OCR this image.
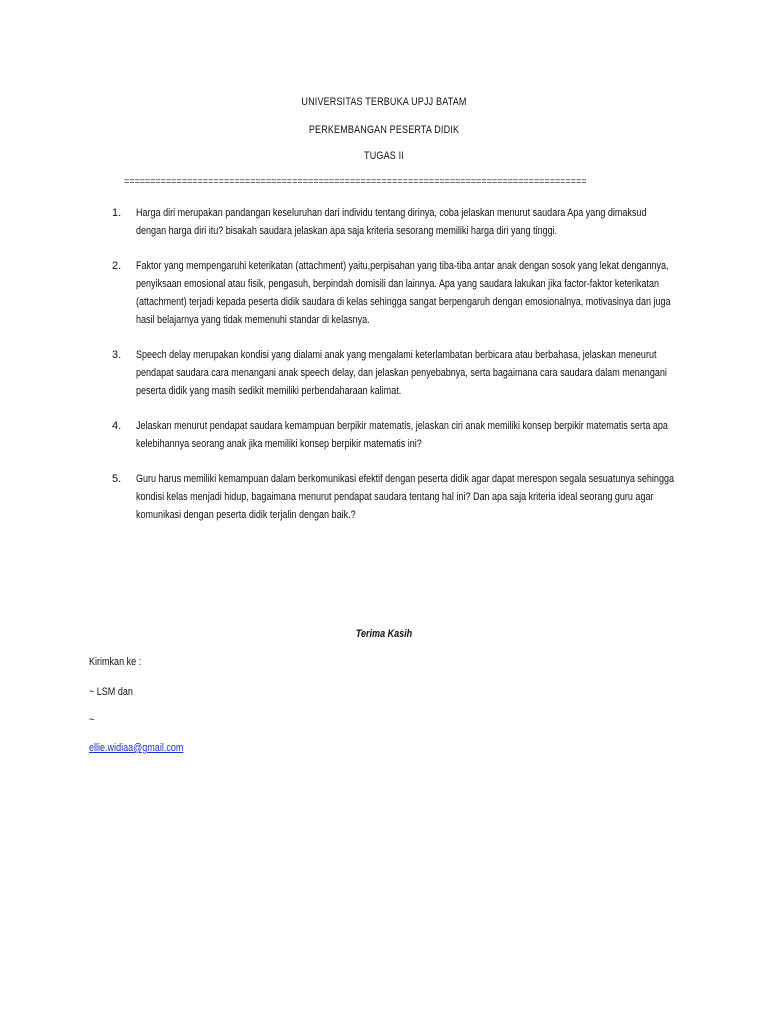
UNIVERSITAS TERBUKA UPJJ BATAM
PERKEMBANGAN PESERTA DIDIK
TUGAS II
========================================================================================
1. Harga diri merupakan pandangan keseluruhan dari individu tentang dirinya, coba jelaskan menurut saudara Apa yang dimaksud dengan harga diri itu? bisakah saudara jelaskan apa saja kriteria sesorang memiliki harga diri yang tinggi.
2. Faktor yang mempengaruhi keterikatan (attachment) yaitu,perpisahan yang tiba-tiba antar anak dengan sosok yang lekat dengannya, penyiksaan emosional atau fisik, pengasuh, berpindah domisili dan lainnya. Apa yang saudara lakukan jika factor-faktor keterikatan (attachment) terjadi kepada peserta didik saudara di kelas sehingga sangat berpengaruh dengan emosionalnya, motivasinya dan juga hasil belajarnya yang tidak memenuhi standar di kelasnya.
3. Speech delay merupakan kondisi yang dialami anak yang mengalami keterlambatan berbicara atau berbahasa, jelaskan meneurut pendapat saudara cara menangani anak speech delay, dan jelaskan penyebabnya, serta bagaimana cara saudara dalam menangani peserta didik yang masih sedikit memiliki perbendaharaan kalimat.
4. Jelaskan menurut pendapat saudara kemampuan berpikir matematis, jelaskan ciri anak memiliki konsep berpikir matematis serta apa kelebihannya seorang anak jika memiliki konsep berpikir matematis ini?
5. Guru harus memiliki kemampuan dalam berkomunikasi efektif dengan peserta didik agar dapat merespon segala sesuatunya sehingga kondisi kelas menjadi hidup, bagaimana menurut pendapat saudara tentang hal ini? Dan apa saja kriteria ideal seorang guru agar komunikasi dengan peserta didik terjalin dengan baik.?
Terima Kasih
Kirimkan ke :
~ LSM dan
~
ellie.widiaa@gmail.com
